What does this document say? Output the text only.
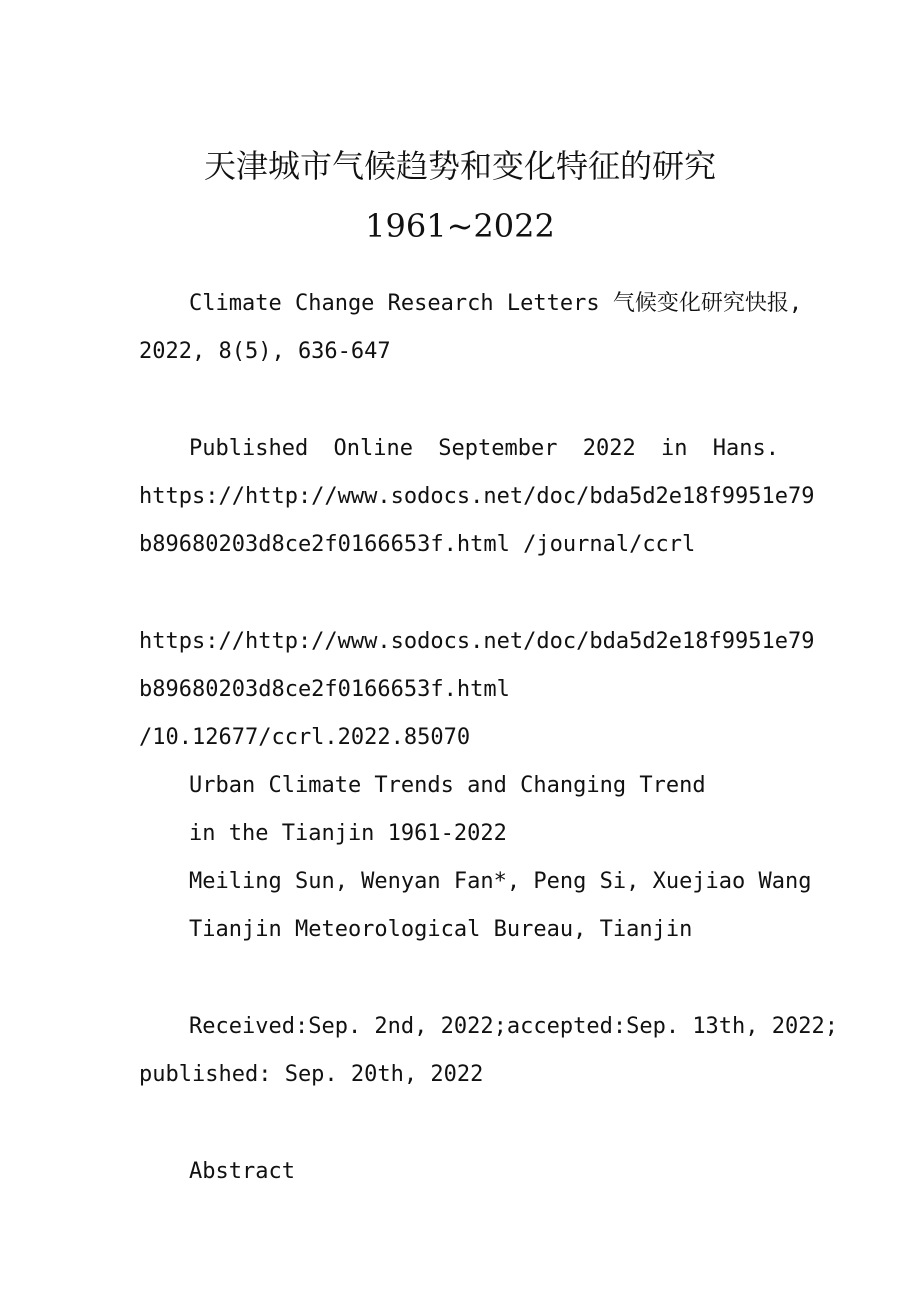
天津城市气候趋势和变化特征的研究
1961~2022
Climate Change Research Letters 气候变化研究快报,
2022, 8(5), 636-647
Published Online September 2022 in Hans.
https://http://www.sodocs.net/doc/bda5d2e18f9951e79
b89680203d8ce2f0166653f.html /journal/ccrl
https://http://www.sodocs.net/doc/bda5d2e18f9951e79
b89680203d8ce2f0166653f.html
/10.12677/ccrl.2022.85070
Urban Climate Trends and Changing Trend
in the Tianjin 1961-2022
Meiling Sun, Wenyan Fan*, Peng Si, Xuejiao Wang
Tianjin Meteorological Bureau, Tianjin
Received:Sep. 2nd, 2022;accepted:Sep. 13th, 2022;
published: Sep. 20th, 2022
Abstract
